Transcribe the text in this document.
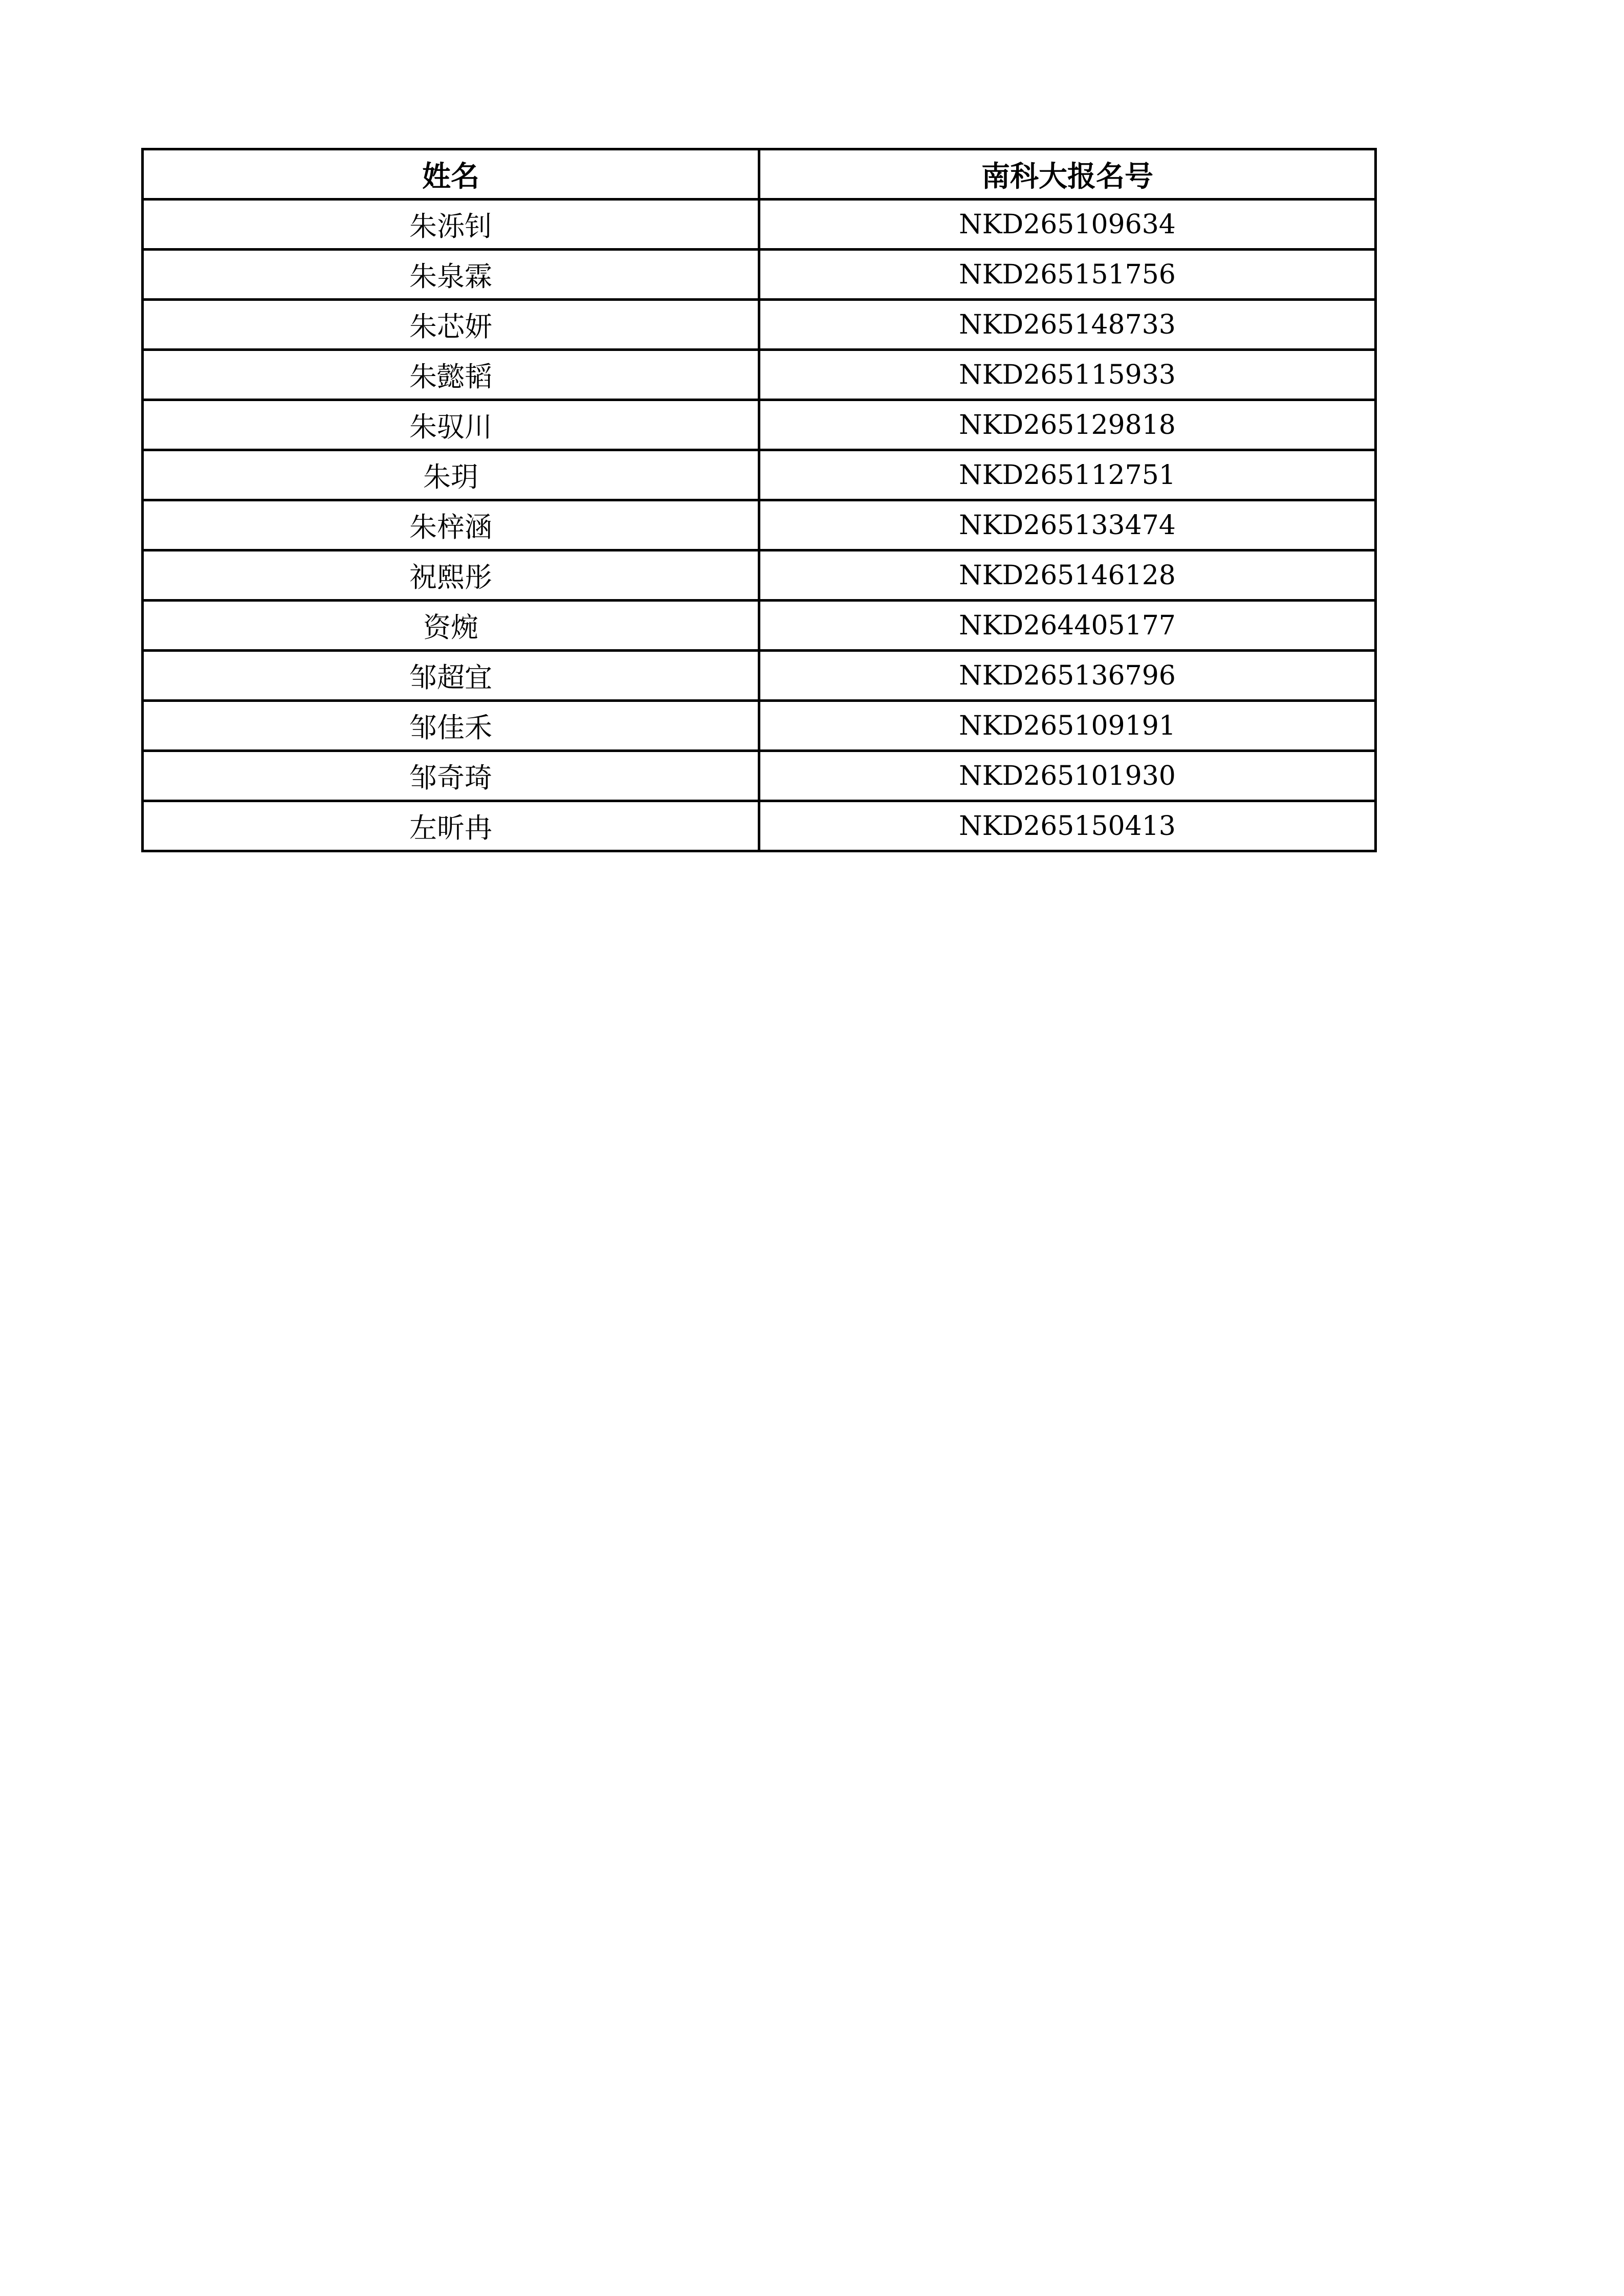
姓名	南科大报名号
朱泺钊	NKD265109634
朱泉霖	NKD265151756
朱芯妍	NKD265148733
朱懿韬	NKD265115933
朱驭川	NKD265129818
朱玥	NKD265112751
朱梓涵	NKD265133474
祝熙彤	NKD265146128
资焥	NKD264405177
邹超宜	NKD265136796
邹佳禾	NKD265109191
邹奇琦	NKD265101930
左昕冉	NKD265150413
